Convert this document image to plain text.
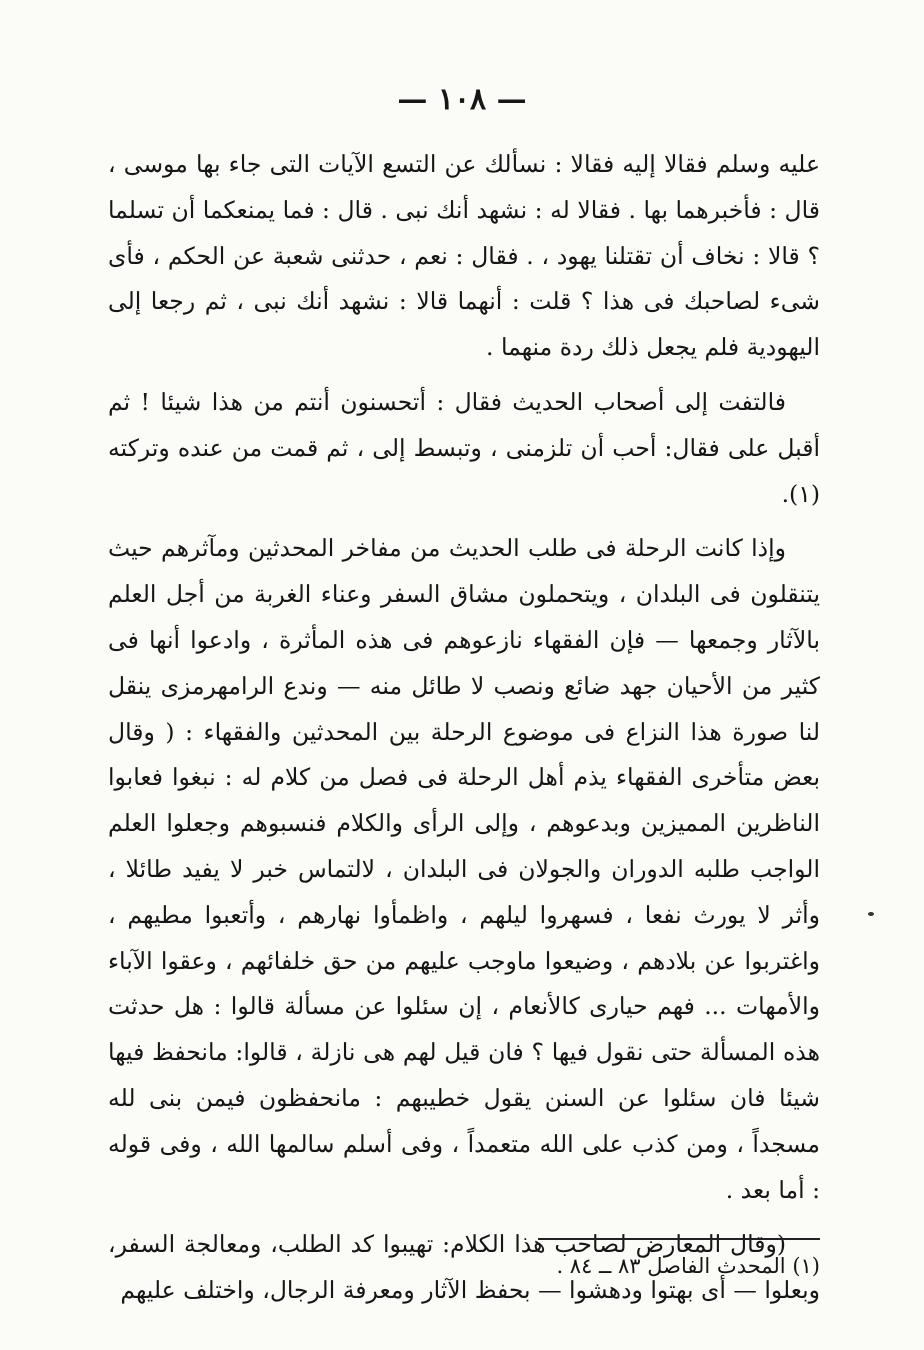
— ١٠٨ —

عليه وسلم فقالا إليه فقالا : نسألك عن التسع الآيات التى جاء بها موسى ، قال : فأخبرهما بها . فقالا له : نشهد أنك نبى . قال : فما يمنعكما أن تسلما ؟ قالا : نخاف أن تقتلنا يهود ، . فقال : نعم ، حدثنى شعبة عن الحكم ، فأى شىء لصاحبك فى هذا ؟ قلت : أنهما قالا : نشهد أنك نبى ، ثم رجعا إلى اليهودية فلم يجعل ذلك ردة منهما .

فالتفت إلى أصحاب الحديث فقال : أتحسنون أنتم من هذا شيئا ! ثم أقبل على فقال: أحب أن تلزمنى ، وتبسط إلى ، ثم قمت من عنده وتركته (١).

وإذا كانت الرحلة فى طلب الحديث من مفاخر المحدثين ومآثرهم حيث يتنقلون فى البلدان ، ويتحملون مشاق السفر وعناء الغربة من أجل العلم بالآثار وجمعها — فإن الفقهاء نازعوهم فى هذه المأثرة ، وادعوا أنها فى كثير من الأحيان جهد ضائع ونصب لا طائل منه — وندع الرامهرمزى ينقل لنا صورة هذا النزاع فى موضوع الرحلة بين المحدثين والفقهاء : ( وقال بعض متأخرى الفقهاء يذم أهل الرحلة فى فصل من كلام له : نبغوا فعابوا الناظرين المميزين وبدعوهم ، وإلى الرأى والكلام فنسبوهم وجعلوا العلم الواجب طلبه الدوران والجولان فى البلدان ، لالتماس خبر لا يفيد طائلا ، وأثر لا يورث نفعا ، فسهروا ليلهم ، واظمأوا نهارهم ، وأتعبوا مطيهم ، واغتربوا عن بلادهم ، وضيعوا ماوجب عليهم من حق خلفائهم ، وعقوا الآباء والأمهات ... فهم حيارى كالأنعام ، إن سئلوا عن مسألة قالوا : هل حدثت هذه المسألة حتى نقول فيها ؟ فان قيل لهم هى نازلة ، قالوا: مانحفظ فيها شيئا فان سئلوا عن السنن يقول خطيبهم : مانحفظون فيمن بنى لله مسجداً ، ومن كذب على الله متعمداً ، وفى أسلم سالمها الله ، وفى قوله : أما بعد .

(وقال المعارض لصاحب هذا الكلام: تهيبوا كد الطلب، ومعالجة السفر، وبعلوا — أى بهتوا ودهشوا — بحفظ الآثار ومعرفة الرجال، واختلف عليهم

(١) المحدث الفاصل ٨٣ ــ ٨٤ .
